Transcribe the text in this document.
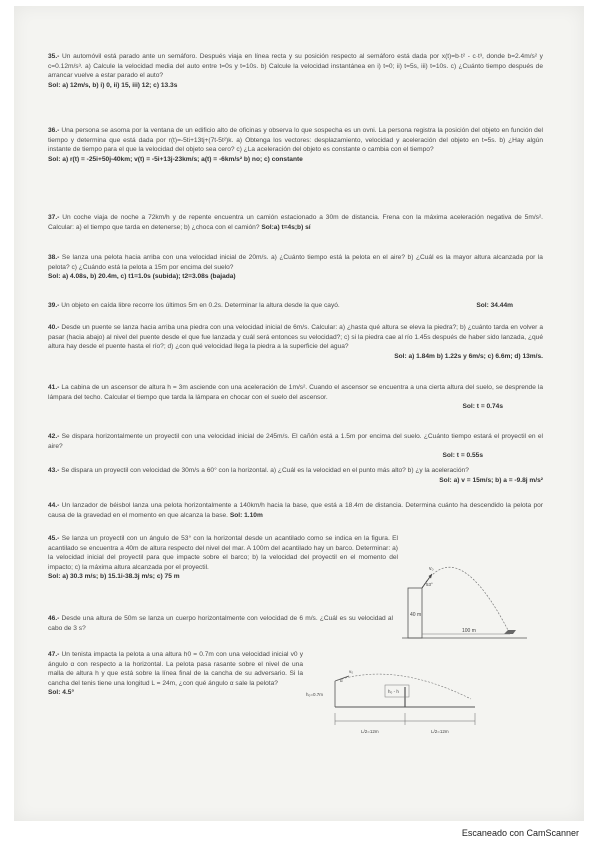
35.- Un automóvil está parado ante un semáforo. Después viaja en línea recta y su posición respecto al semáforo está dada por x(t)=b·t² - c·t³, donde b=2.4m/s² y c=0.12m/s³. a) Calcule la velocidad media del auto entre t=0s y t=10s. b) Calcule la velocidad instantánea en i) t=0; ii) t=5s, iii) t=10s. c) ¿Cuánto tiempo después de arrancar vuelve a estar parado el auto?
Sol: a) 12m/s, b) i) 0, ii) 15, iii) 12; c) 13.3s
36.- Una persona se asoma por la ventana de un edificio alto de oficinas y observa lo que sospecha es un ovni. La persona registra la posición del objeto en función del tiempo y determina que está dada por r(t)=-5ti+13tj+(7t-5t²)k. a) Obtenga los vectores: desplazamiento, velocidad y aceleración del objeto en t=5s. b) ¿Hay algún instante de tiempo para el que la velocidad del objeto sea cero? c) ¿La aceleración del objeto es constante o cambia con el tiempo?
Sol: a) r(t) = -25i+50j-40km; v(t) = -5i+13j-23km/s; a(t) = -6km/s² b) no; c) constante
37.- Un coche viaja de noche a 72km/h y de repente encuentra un camión estacionado a 30m de distancia. Frena con la máxima aceleración negativa de 5m/s². Calcular: a) el tiempo que tarda en detenerse; b) ¿choca con el camión? Sol:a) t=4s;b) sí
38.- Se lanza una pelota hacia arriba con una velocidad inicial de 20m/s. a) ¿Cuánto tiempo está la pelota en el aire? b) ¿Cuál es la mayor altura alcanzada por la pelota? c) ¿Cuándo está la pelota a 15m por encima del suelo?
Sol: a) 4.08s, b) 20.4m, c) t1=1.0s (subida); t2=3.08s (bajada)
39.- Un objeto en caída libre recorre los últimos 5m en 0.2s. Determinar la altura desde la que cayó.	Sol: 34.44m
40.- Desde un puente se lanza hacia arriba una piedra con una velocidad inicial de 6m/s. Calcular: a) ¿hasta qué altura se eleva la piedra?; b) ¿cuánto tarda en volver a pasar (hacia abajo) al nivel del puente desde el que fue lanzada y cuál será entonces su velocidad?; c) si la piedra cae al río 1.45s después de haber sido lanzada, ¿qué altura hay desde el puente hasta el río?; d) ¿con qué velocidad llega la piedra a la superficie del agua?
Sol: a) 1.84m b) 1.22s y 6m/s; c) 6.6m; d) 13m/s.
41.- La cabina de un ascensor de altura h = 3m asciende con una aceleración de 1m/s². Cuando el ascensor se encuentra a una cierta altura del suelo, se desprende la lámpara del techo. Calcular el tiempo que tarda la lámpara en chocar con el suelo del ascensor.
Sol: t = 0.74s
42.- Se dispara horizontalmente un proyectil con una velocidad inicial de 245m/s. El cañón está a 1.5m por encima del suelo. ¿Cuánto tiempo estará el proyectil en el aire?
Sol: t = 0.55s
43.- Se dispara un proyectil con velocidad de 30m/s a 60° con la horizontal. a) ¿Cuál es la velocidad en el punto más alto? b) ¿y la aceleración?
Sol: a) v = 15m/s; b) a = -9.8j m/s²
44.- Un lanzador de béisbol lanza una pelota horizontalmente a 140km/h hacia la base, que está a 18.4m de distancia. Determina cuánto ha descendido la pelota por causa de la gravedad en el momento en que alcanza la base. Sol: 1.10m
45.- Se lanza un proyectil con un ángulo de 53° con la horizontal desde un acantilado como se indica en la figura. El acantilado se encuentra a 40m de altura respecto del nivel del mar. A 100m del acantilado hay un barco. Determinar: a) la velocidad inicial del proyectil para que impacte sobre el barco; b) la velocidad del proyectil en el momento del impacto; c) la máxima altura alcanzada por el proyectil.
Sol: a) 30.3 m/s; b) 15.1i-38.3j m/s; c) 75 m
40 m
100 m
v₀
53°
46.- Desde una altura de 50m se lanza un cuerpo horizontalmente con velocidad de 6 m/s. ¿Cuál es su velocidad al cabo de 3 s?
47.- Un tenista impacta la pelota a una altura h0 = 0.7m con una velocidad inicial v0 y ángulo α con respecto a la horizontal. La pelota pasa rasante sobre el nivel de una malla de altura h y que está sobre la línea final de la cancha de su adversario. Si la cancha del tenis tiene una longitud L = 24m, ¿con qué ángulo α sale la pelota?
Sol: 4.5°	h₀=0.7m
h₀ - h
L/2=12m	L/2=12m
v₀
α
Escaneado con CamScanner
